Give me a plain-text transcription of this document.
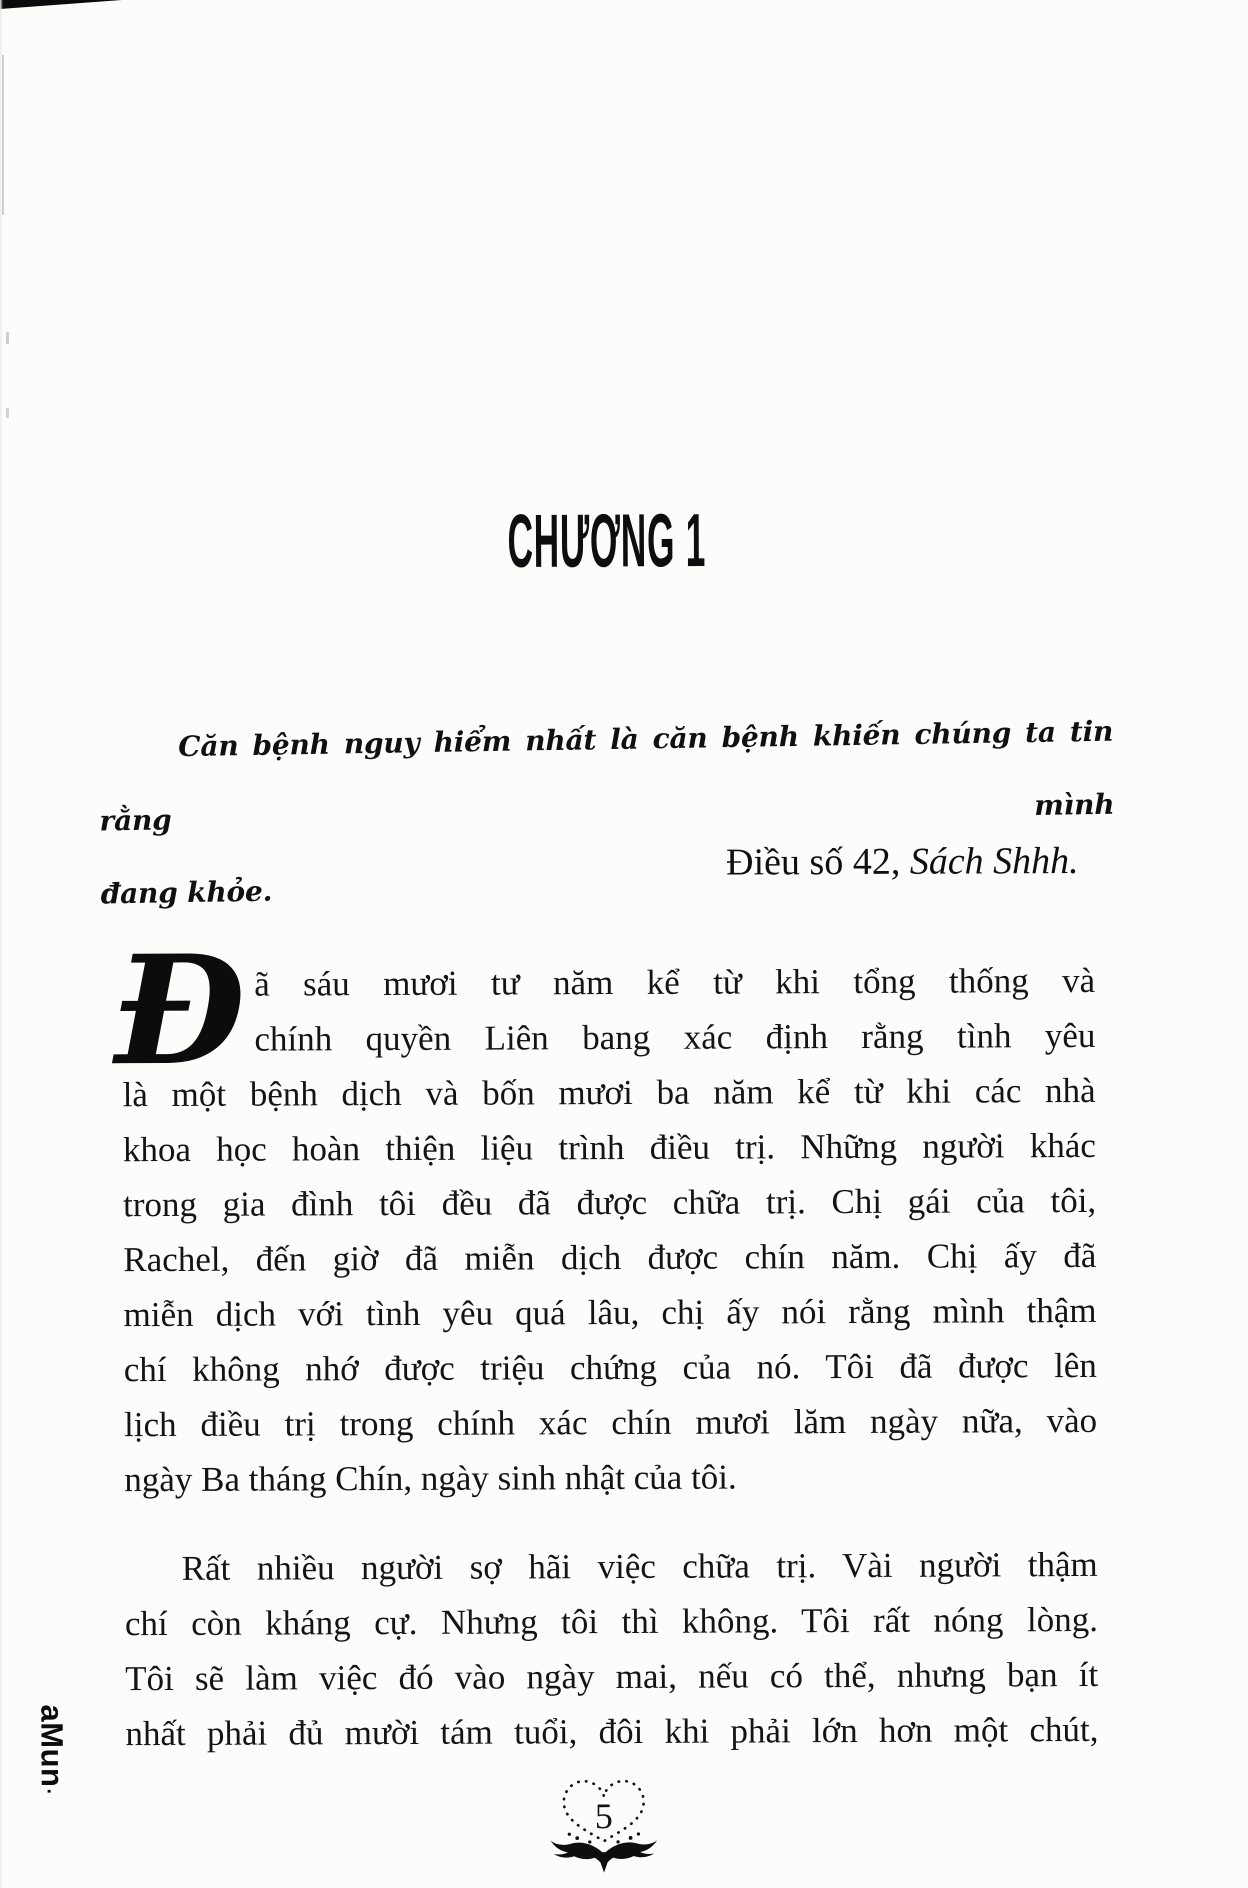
CHƯƠNG 1
Căn bệnh nguy hiểm nhất là căn bệnh khiến chúng ta tin rằng mình
đang khỏe.
Điều số 42, Sách Shhh.
Đ ã sáu mươi tư năm kể từ khi tổng thống và
chính quyền Liên bang xác định rằng tình yêu
là một bệnh dịch và bốn mươi ba năm kể từ khi các nhà
khoa học hoàn thiện liệu trình điều trị. Những người khác
trong gia đình tôi đều đã được chữa trị. Chị gái của tôi,
Rachel, đến giờ đã miễn dịch được chín năm. Chị ấy đã
miễn dịch với tình yêu quá lâu, chị ấy nói rằng mình thậm
chí không nhớ được triệu chứng của nó. Tôi đã được lên
lịch điều trị trong chính xác chín mươi lăm ngày nữa, vào
ngày Ba tháng Chín, ngày sinh nhật của tôi.
Rất nhiều người sợ hãi việc chữa trị. Vài người thậm
chí còn kháng cự. Nhưng tôi thì không. Tôi rất nóng lòng.
Tôi sẽ làm việc đó vào ngày mai, nếu có thể, nhưng bạn ít
nhất phải đủ mười tám tuổi, đôi khi phải lớn hơn một chút,
5
aMun.
